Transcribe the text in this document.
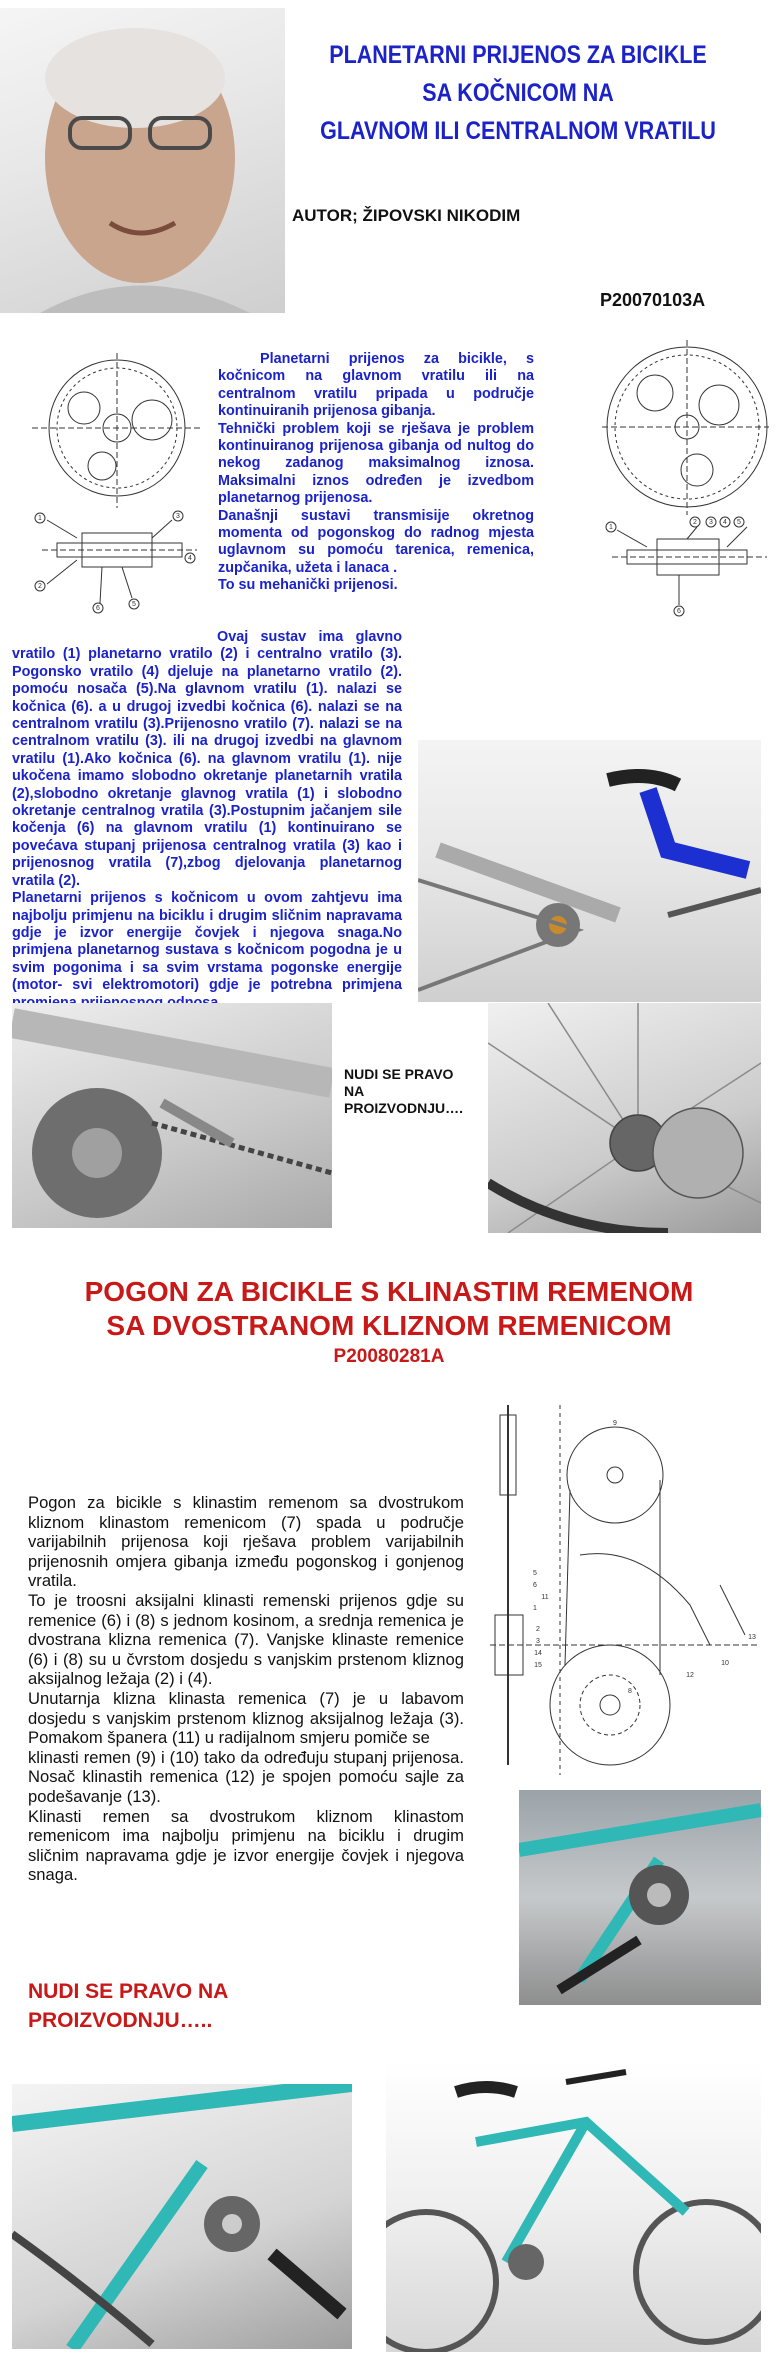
PLANETARNI PRIJENOS ZA BICIKLE
SA KOČNICOM NA
GLAVNOM ILI CENTRALNOM VRATILU
AUTOR; ŽIPOVSKI NIKODIM
P20070103A
1
2
3
4
5
6
1
2 3 4 5
6

Planetarni prijenos za bicikle, s kočnicom na glavnom vratilu ili na centralnom vratilu pripada u područje kontinuiranih prijenosa gibanja.

Tehnički problem koji se rješava je problem kontinuiranog prijenosa gibanja od nultog do nekog zadanog maksimalnog iznosa. Maksimalni iznos određen je izvedbom planetarnog prijenosa.

Današnji sustavi transmisije okretnog momenta od pogonskog do radnog mjesta uglavnom su pomoću tarenica, remenica, zupčanika, užeta i lanaca .

To su mehanički prijenosi.

Ovaj sustav ima glavno vratilo (1) planetarno vratilo (2) i centralno vratilo (3). Pogonsko vratilo (4) djeluje na planetarno vratilo (2). pomoću nosača (5).Na glavnom vratilu (1). nalazi se kočnica (6). a u drugoj izvedbi kočnica (6). nalazi se na centralnom vratilu (3).Prijenosno vratilo (7). nalazi se na centralnom vratilu (3). ili na drugoj izvedbi na glavnom vratilu (1).Ako kočnica (6). na glavnom vratilu (1). nije ukočena imamo slobodno okretanje planetarnih vratila (2),slobodno okretanje glavnog vratila (1) i slobodno okretanje centralnog vratila (3).Postupnim jačanjem sile kočenja (6) na glavnom vratilu (1) kontinuirano se povećava stupanj prijenosa centralnog vratila (3) kao i prijenosnog vratila (7),zbog djelovanja planetarnog vratila (2).

Planetarni prijenos s kočnicom u ovom zahtjevu ima najbolju primjenu na biciklu i drugim sličnim napravama gdje je izvor energije čovjek i njegova snaga.No primjena planetarnog sustava s kočnicom pogodna je u svim pogonima i sa svim vrstama pogonske energije (motor- svi elektromotori) gdje je potrebna primjena

NUDI SE PRAVO NA PROIZVODNJU….
POGON ZA BICIKLE S KLINASTIM REMENOM
SA DVOSTRANOM KLIZNOM REMENICOM
P20080281A
9
5
6
11
1
2
3
14
15
8
12
13
10

Pogon za bicikle s klinastim remenom sa dvostrukom kliznom klinastom remenicom (7) spada u područje varijabilnih prijenosa koji rješava problem varijabilnih prijenosnih omjera gibanja između pogonskog i gonjenog vratila.

To je troosni aksijalni klinasti remenski prijenos gdje su remenice (6) i (8) s jednom kosinom, a srednja remenica je dvostrana klizna remenica (7). Vanjske klinaste remenice (6) i (8) su u čvrstom dosjedu s vanjskim prstenom kliznog aksijalnog ležaja (2) i (4).

Unutarnja klizna klinasta remenica (7) je u labavom dosjedu s vanjskim prstenom kliznog aksijalnog ležaja (3). Pomakom španera (11) u radijalnom smjeru pomiče se

klinasti remen (9) i (10) tako da određuju stupanj prijenosa. Nosač klinastih remenica (12) je spojen pomoću sajle za podešavanje (13).

Klinasti remen sa dvostrukom kliznom klinastom remenicom ima najbolju primjenu na biciklu i drugim sličnim napravama gdje je izvor energije čovjek i njegova snaga.

NUDI SE PRAVO NA PROIZVODNJU…..
